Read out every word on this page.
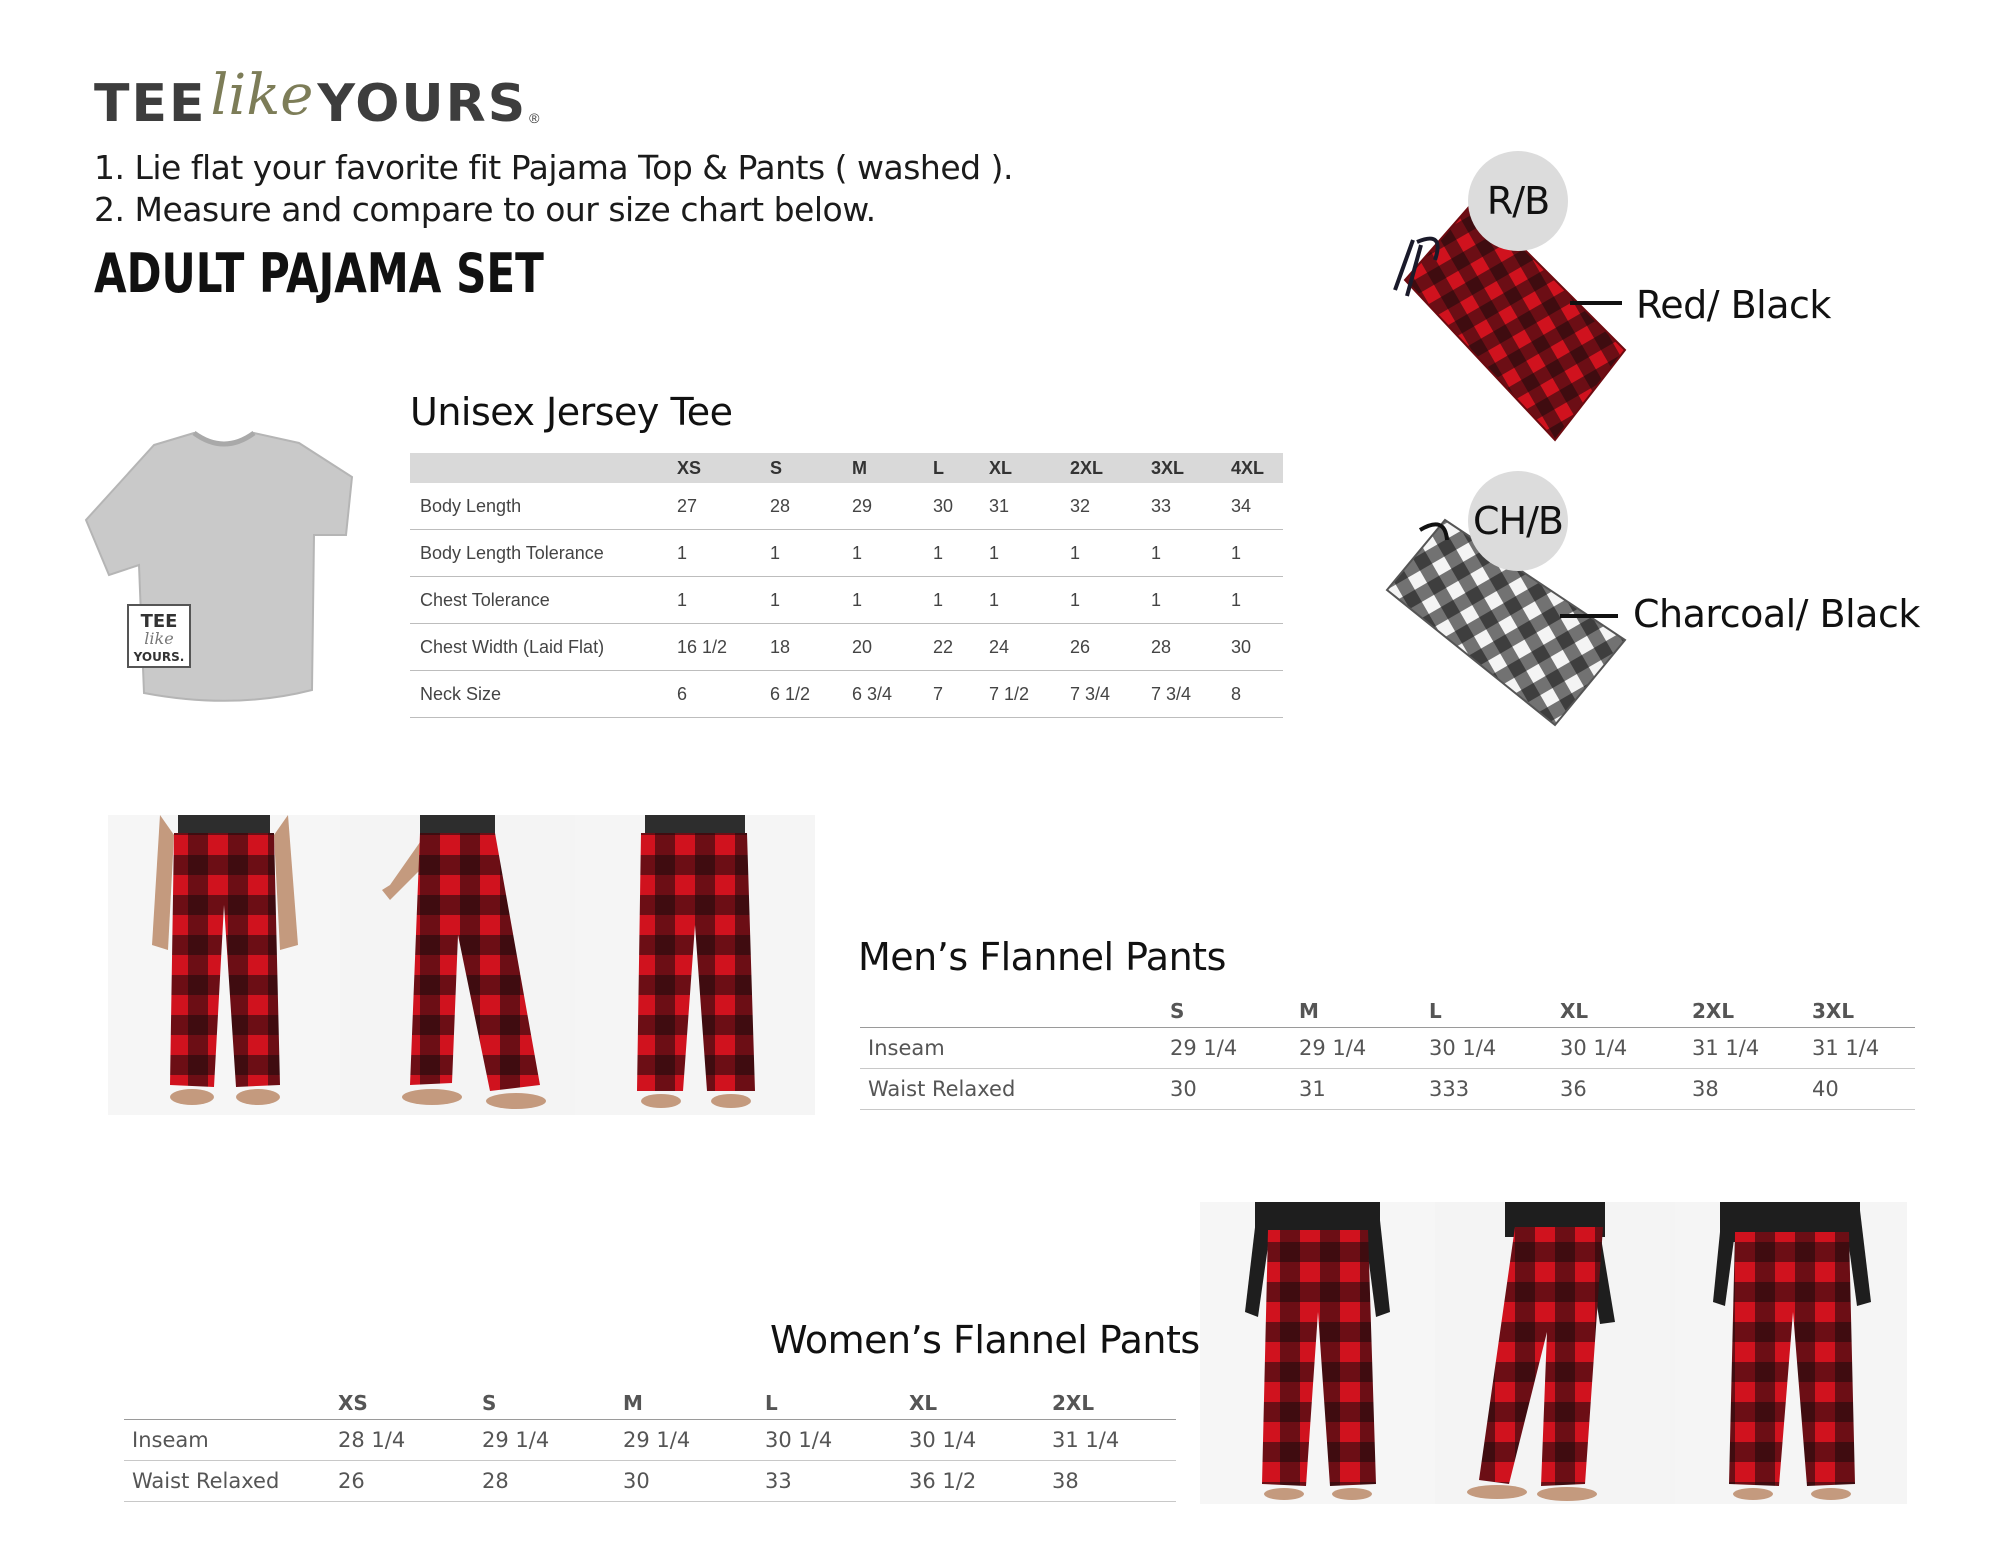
TEE like YOURS ®
1. Lie flat your favorite fit Pajama Top & Pants ( washed ).
2. Measure and compare to our size chart below.
ADULT PAJAMA SET
TEE
like
YOURS.
Unisex Jersey Tee
	XS	S	M	L	XL	2XL	3XL	4XL
Body Length	27	28	29	30	31	32	33	34
Body Length Tolerance	1	1	1	1	1	1	1	1
Chest Tolerance	1	1	1	1	1	1	1	1
Chest Width (Laid Flat)	16 1/2	18	20	22	24	26	28	30
Neck Size	6	6 1/2	6 3/4	7	7 1/2	7 3/4	7 3/4	8
R/B
Red/ Black
CH/B
Charcoal/ Black
Men’s Flannel Pants
	S	M	L	XL	2XL	3XL
Inseam	29 1/4	29 1/4	30 1/4	30 1/4	31 1/4	31 1/4
Waist Relaxed	30	31	333	36	38	40
Women’s Flannel Pants
	XS	S	M	L	XL	2XL
Inseam	28 1/4	29 1/4	29 1/4	30 1/4	30 1/4	31 1/4
Waist Relaxed	26	28	30	33	36 1/2	38
